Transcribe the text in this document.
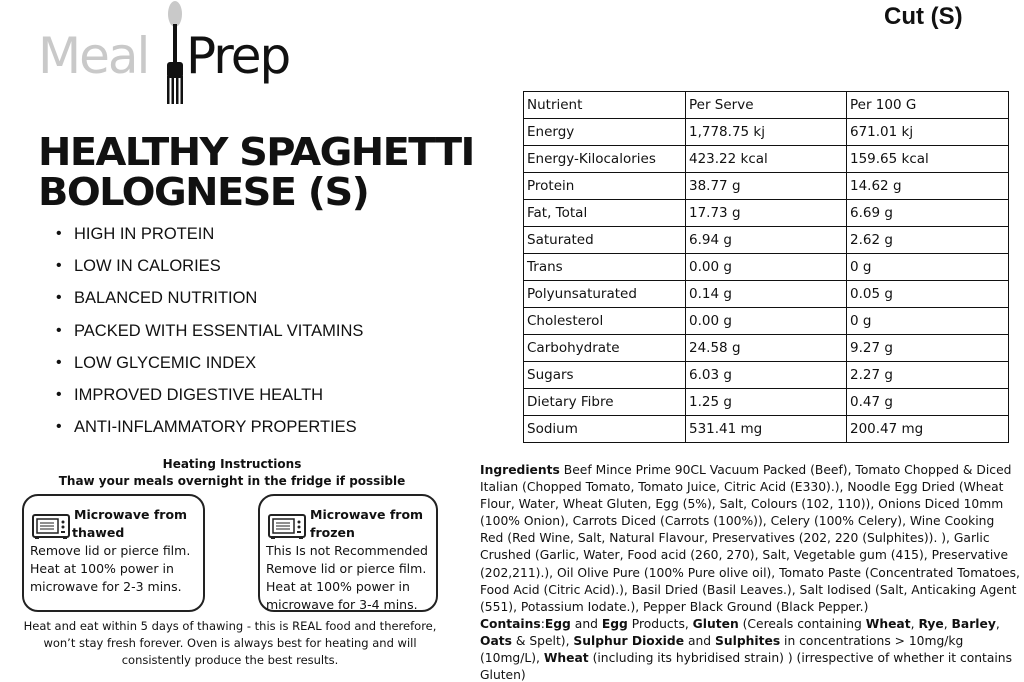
Meal Prep
Cut (S)
HEALTHY SPAGHETTI
BOLOGNESE (S)
• HIGH IN PROTEIN
• LOW IN CALORIES
• BALANCED NUTRITION
• PACKED WITH ESSENTIAL VITAMINS
• LOW GLYCEMIC INDEX
• IMPROVED DIGESTIVE HEALTH
• ANTI-INFLAMMATORY PROPERTIES
Heating Instructions
Thaw your meals overnight in the fridge if possible
Microwave from
thawed
Remove lid or pierce film.
Heat at 100% power in
microwave for 2-3 mins.
Microwave from
frozen
This Is not Recommended
Remove lid or pierce film.
Heat at 100% power in
microwave for 3-4 mins.
Heat and eat within 5 days of thawing - this is REAL food and therefore,
won’t stay fresh forever. Oven is always best for heating and will
consistently produce the best results.
Nutrient	Per Serve	Per 100 G
Energy	1,778.75 kj	671.01 kj
Energy-Kilocalories	423.22 kcal	159.65 kcal
Protein	38.77 g	14.62 g
Fat, Total	17.73 g	6.69 g
Saturated	6.94 g	2.62 g
Trans	0.00 g	0 g
Polyunsaturated	0.14 g	0.05 g
Cholesterol	0.00 g	0 g
Carbohydrate	24.58 g	9.27 g
Sugars	6.03 g	2.27 g
Dietary Fibre	1.25 g	0.47 g
Sodium	531.41 mg	200.47 mg
Ingredients Beef Mince Prime 90CL Vacuum Packed (Beef), Tomato Chopped & Diced Italian (Chopped Tomato, Tomato Juice, Citric Acid (E330).), Noodle Egg Dried (Wheat Flour, Water, Wheat Gluten, Egg (5%), Salt, Colours (102, 110)), Onions Diced 10mm (100% Onion), Carrots Diced (Carrots (100%)), Celery (100% Celery), Wine Cooking Red (Red Wine, Salt, Natural Flavour, Preservatives (202, 220 (Sulphites)). ), Garlic Crushed (Garlic, Water, Food acid (260, 270), Salt, Vegetable gum (415), Preservative (202,211).), Oil Olive Pure (100% Pure olive oil), Tomato Paste (Concentrated Tomatoes, Food Acid (Citric Acid).), Basil Dried (Basil Leaves.), Salt Iodised (Salt, Anticaking Agent (551), Potassium Iodate.), Pepper Black Ground (Black Pepper.)
Contains:Egg and Egg Products, Gluten (Cereals containing Wheat, Rye, Barley, Oats & Spelt), Sulphur Dioxide and Sulphites in concentrations > 10mg/kg (10mg/L), Wheat (including its hybridised strain) ) (irrespective of whether it contains Gluten)
